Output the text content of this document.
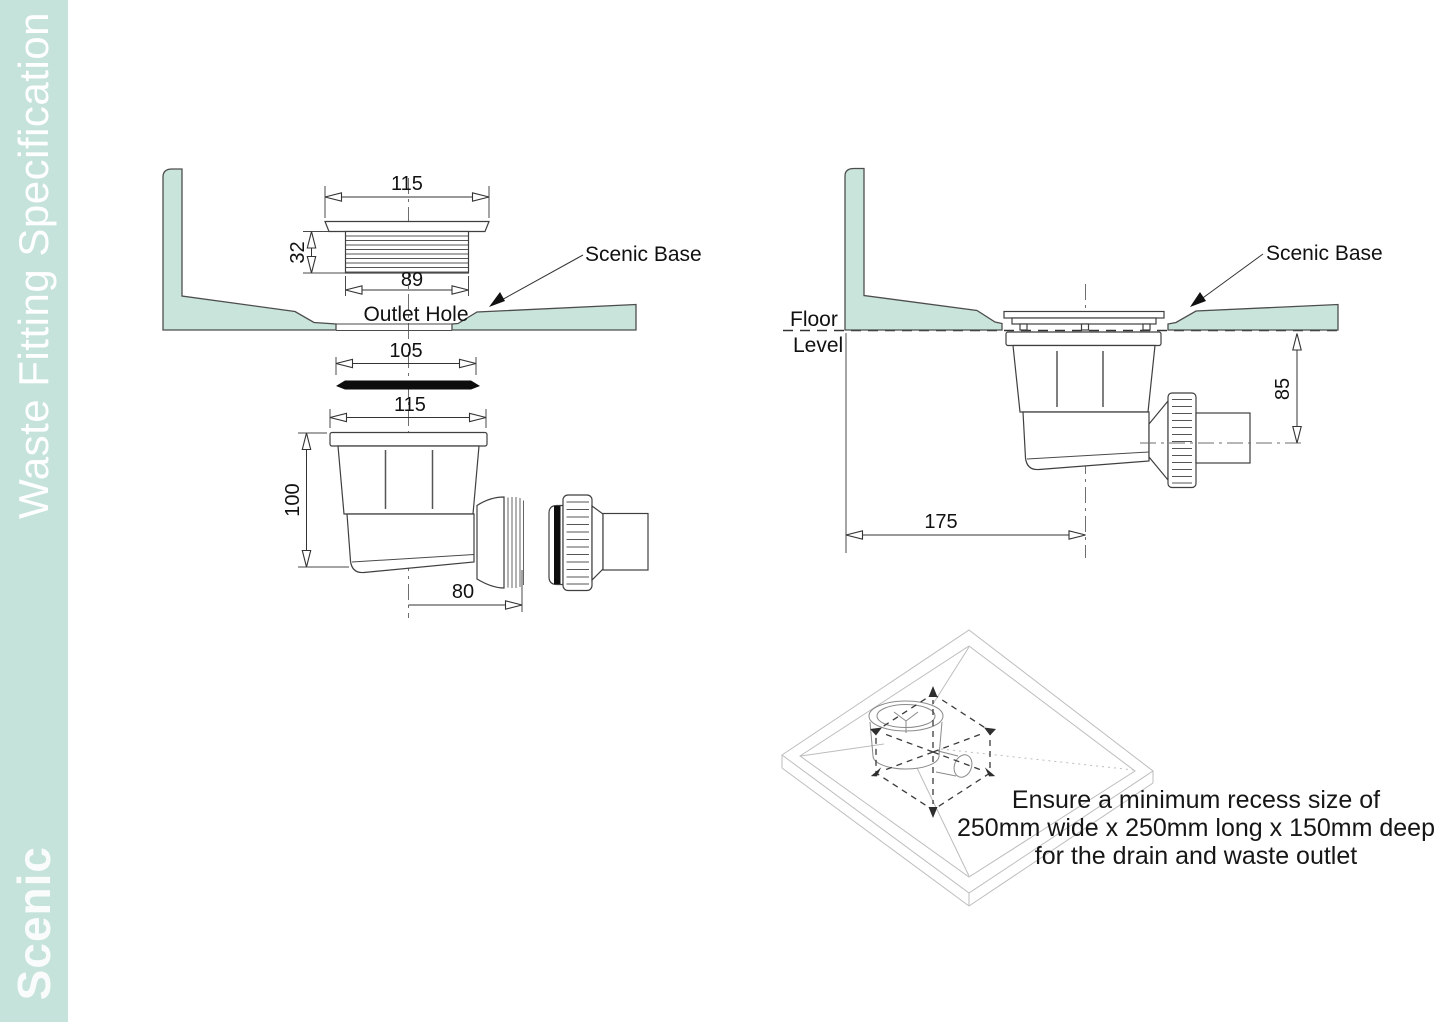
Waste Fitting Specification
Scenic
115
32
89
Outlet Hole
105
115
100
80
Scenic Base
85
175
Floor
Level
Scenic Base
Ensure a minimum recess size of
250mm wide x 250mm long x 150mm deep
for the drain and waste outlet
